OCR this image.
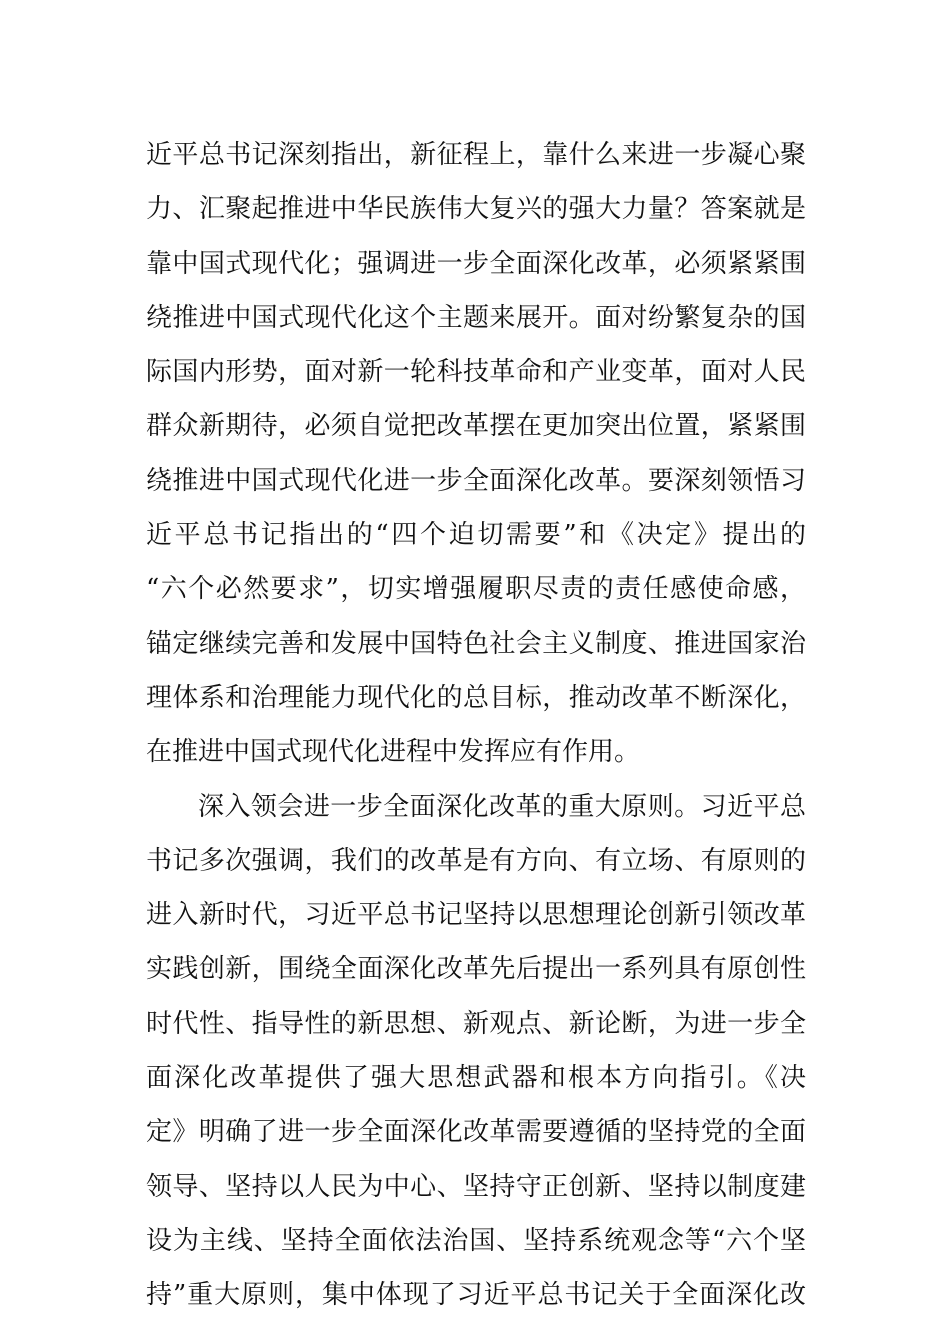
近平总书记深刻指出，新征程上，靠什么来进一步凝心聚
力、汇聚起推进中华民族伟大复兴的强大力量？答案就是
靠中国式现代化；强调进一步全面深化改革，必须紧紧围
绕推进中国式现代化这个主题来展开。面对纷繁复杂的国
际国内形势，面对新一轮科技革命和产业变革，面对人民
群众新期待，必须自觉把改革摆在更加突出位置，紧紧围
绕推进中国式现代化进一步全面深化改革。要深刻领悟习
近平总书记指出的“四个迫切需要”和《决定》提出的
“六个必然要求”，切实增强履职尽责的责任感使命感，
锚定继续完善和发展中国特色社会主义制度、推进国家治
理体系和治理能力现代化的总目标，推动改革不断深化，
在推进中国式现代化进程中发挥应有作用。
深入领会进一步全面深化改革的重大原则。习近平总
书记多次强调，我们的改革是有方向、有立场、有原则的
进入新时代，习近平总书记坚持以思想理论创新引领改革
实践创新，围绕全面深化改革先后提出一系列具有原创性
时代性、指导性的新思想、新观点、新论断，为进一步全
面深化改革提供了强大思想武器和根本方向指引。《决
定》明确了进一步全面深化改革需要遵循的坚持党的全面
领导、坚持以人民为中心、坚持守正创新、坚持以制度建
设为主线、坚持全面依法治国、坚持系统观念等“六个坚
持”重大原则，集中体现了习近平总书记关于全面深化改
